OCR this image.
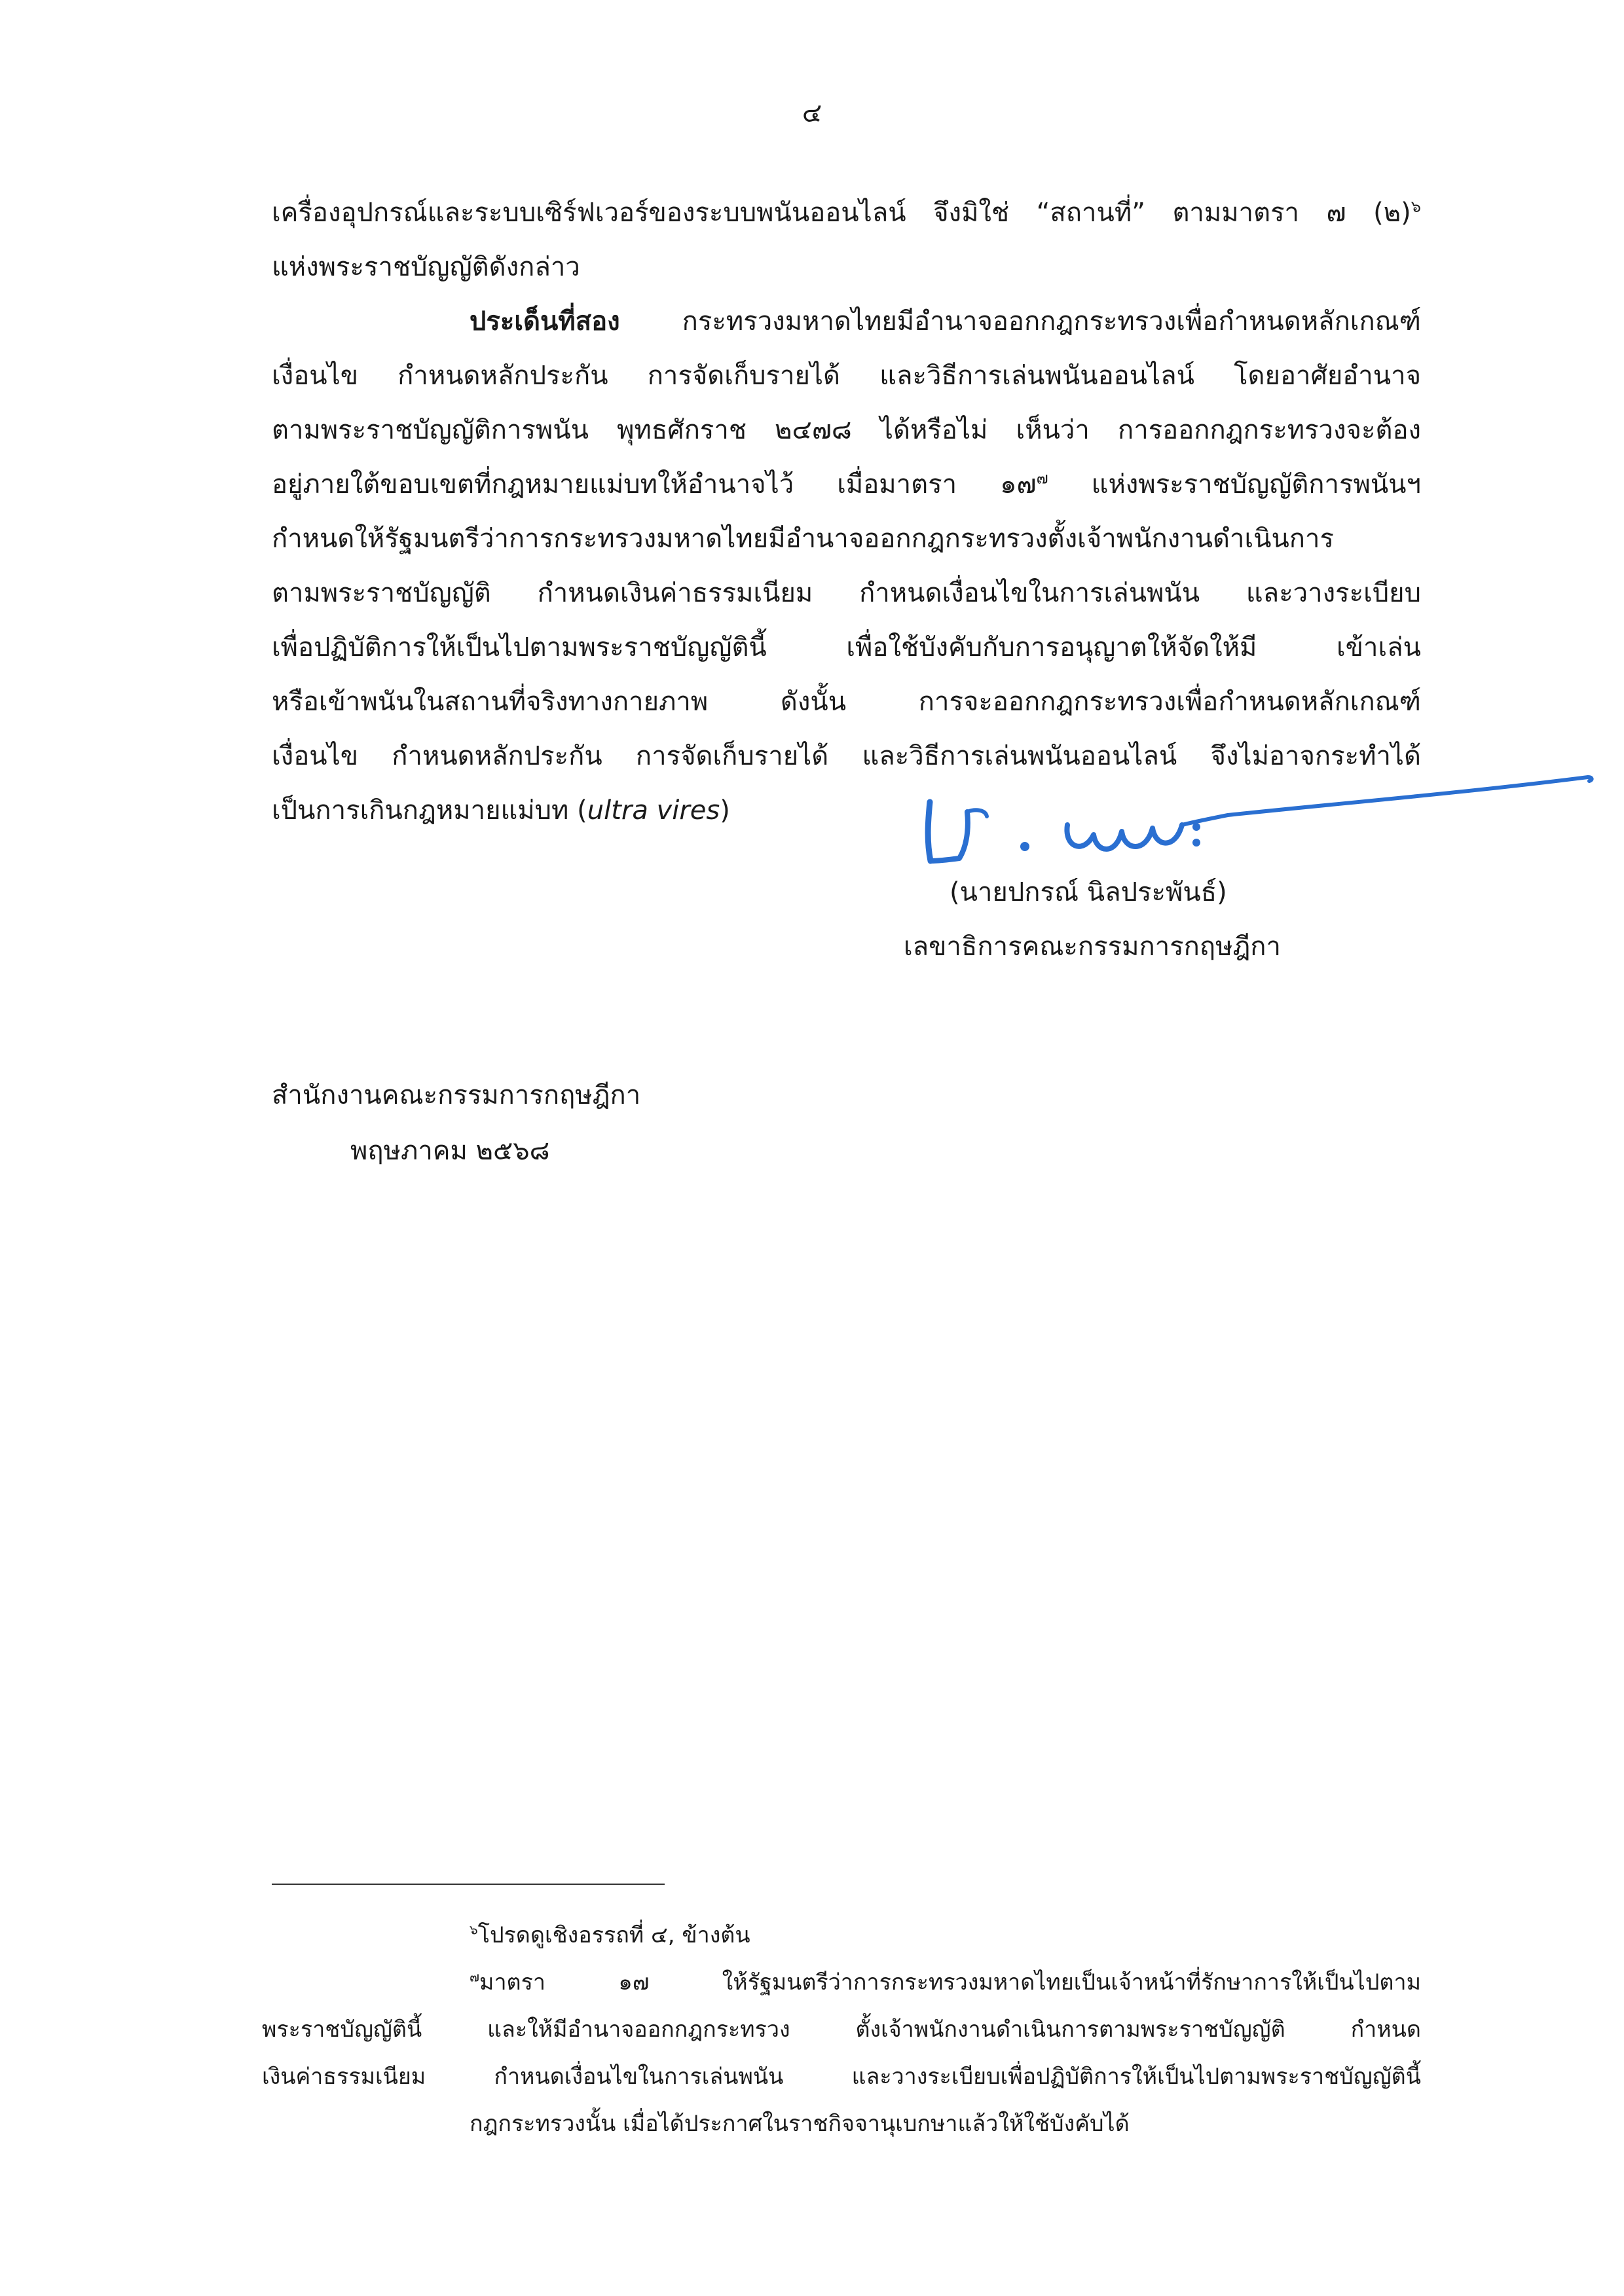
๔
เครื่องอุปกรณ์และระบบเซิร์ฟเวอร์ของระบบพนันออนไลน์ จึงมิใช่ “สถานที่” ตามมาตรา ๗ (๒)$^๖$
แห่งพระราชบัญญัติดังกล่าว
ประเด็นที่สอง กระทรวงมหาดไทยมีอำนาจออกกฎกระทรวงเพื่อกำหนดหลักเกณฑ์
เงื่อนไข กำหนดหลักประกัน การจัดเก็บรายได้ และวิธีการเล่นพนันออนไลน์ โดยอาศัยอำนาจ
ตามพระราชบัญญัติการพนัน พุทธศักราช ๒๔๗๘ ได้หรือไม่ เห็นว่า การออกกฎกระทรวงจะต้อง
อยู่ภายใต้ขอบเขตที่กฎหมายแม่บทให้อำนาจไว้ เมื่อมาตรา ๑๗$^๗$ แห่งพระราชบัญญัติการพนันฯ
กำหนดให้รัฐมนตรีว่าการกระทรวงมหาดไทยมีอำนาจออกกฎกระทรวงตั้งเจ้าพนักงานดำเนินการ
ตามพระราชบัญญัติ กำหนดเงินค่าธรรมเนียม กำหนดเงื่อนไขในการเล่นพนัน และวางระเบียบ
เพื่อปฏิบัติการให้เป็นไปตามพระราชบัญญัตินี้ เพื่อใช้บังคับกับการอนุญาตให้จัดให้มี เข้าเล่น
หรือเข้าพนันในสถานที่จริงทางกายภาพ ดังนั้น การจะออกกฎกระทรวงเพื่อกำหนดหลักเกณฑ์
เงื่อนไข กำหนดหลักประกัน การจัดเก็บรายได้ และวิธีการเล่นพนันออนไลน์ จึงไม่อาจกระทำได้
เป็นการเกินกฎหมายแม่บท (ultra vires)
(นายปกรณ์ นิลประพันธ์)
เลขาธิการคณะกรรมการกฤษฎีกา
สำนักงานคณะกรรมการกฤษฎีกา
พฤษภาคม ๒๕๖๘
$^๖$โปรดดูเชิงอรรถที่ ๔, ข้างต้น
$^๗$มาตรา ๑๗ ให้รัฐมนตรีว่าการกระทรวงมหาดไทยเป็นเจ้าหน้าที่รักษาการให้เป็นไปตาม
พระราชบัญญัตินี้ และให้มีอำนาจออกกฎกระทรวง ตั้งเจ้าพนักงานดำเนินการตามพระราชบัญญัติ กำหนด
เงินค่าธรรมเนียม กำหนดเงื่อนไขในการเล่นพนัน และวางระเบียบเพื่อปฏิบัติการให้เป็นไปตามพระราชบัญญัตินี้
กฎกระทรวงนั้น เมื่อได้ประกาศในราชกิจจานุเบกษาแล้วให้ใช้บังคับได้
